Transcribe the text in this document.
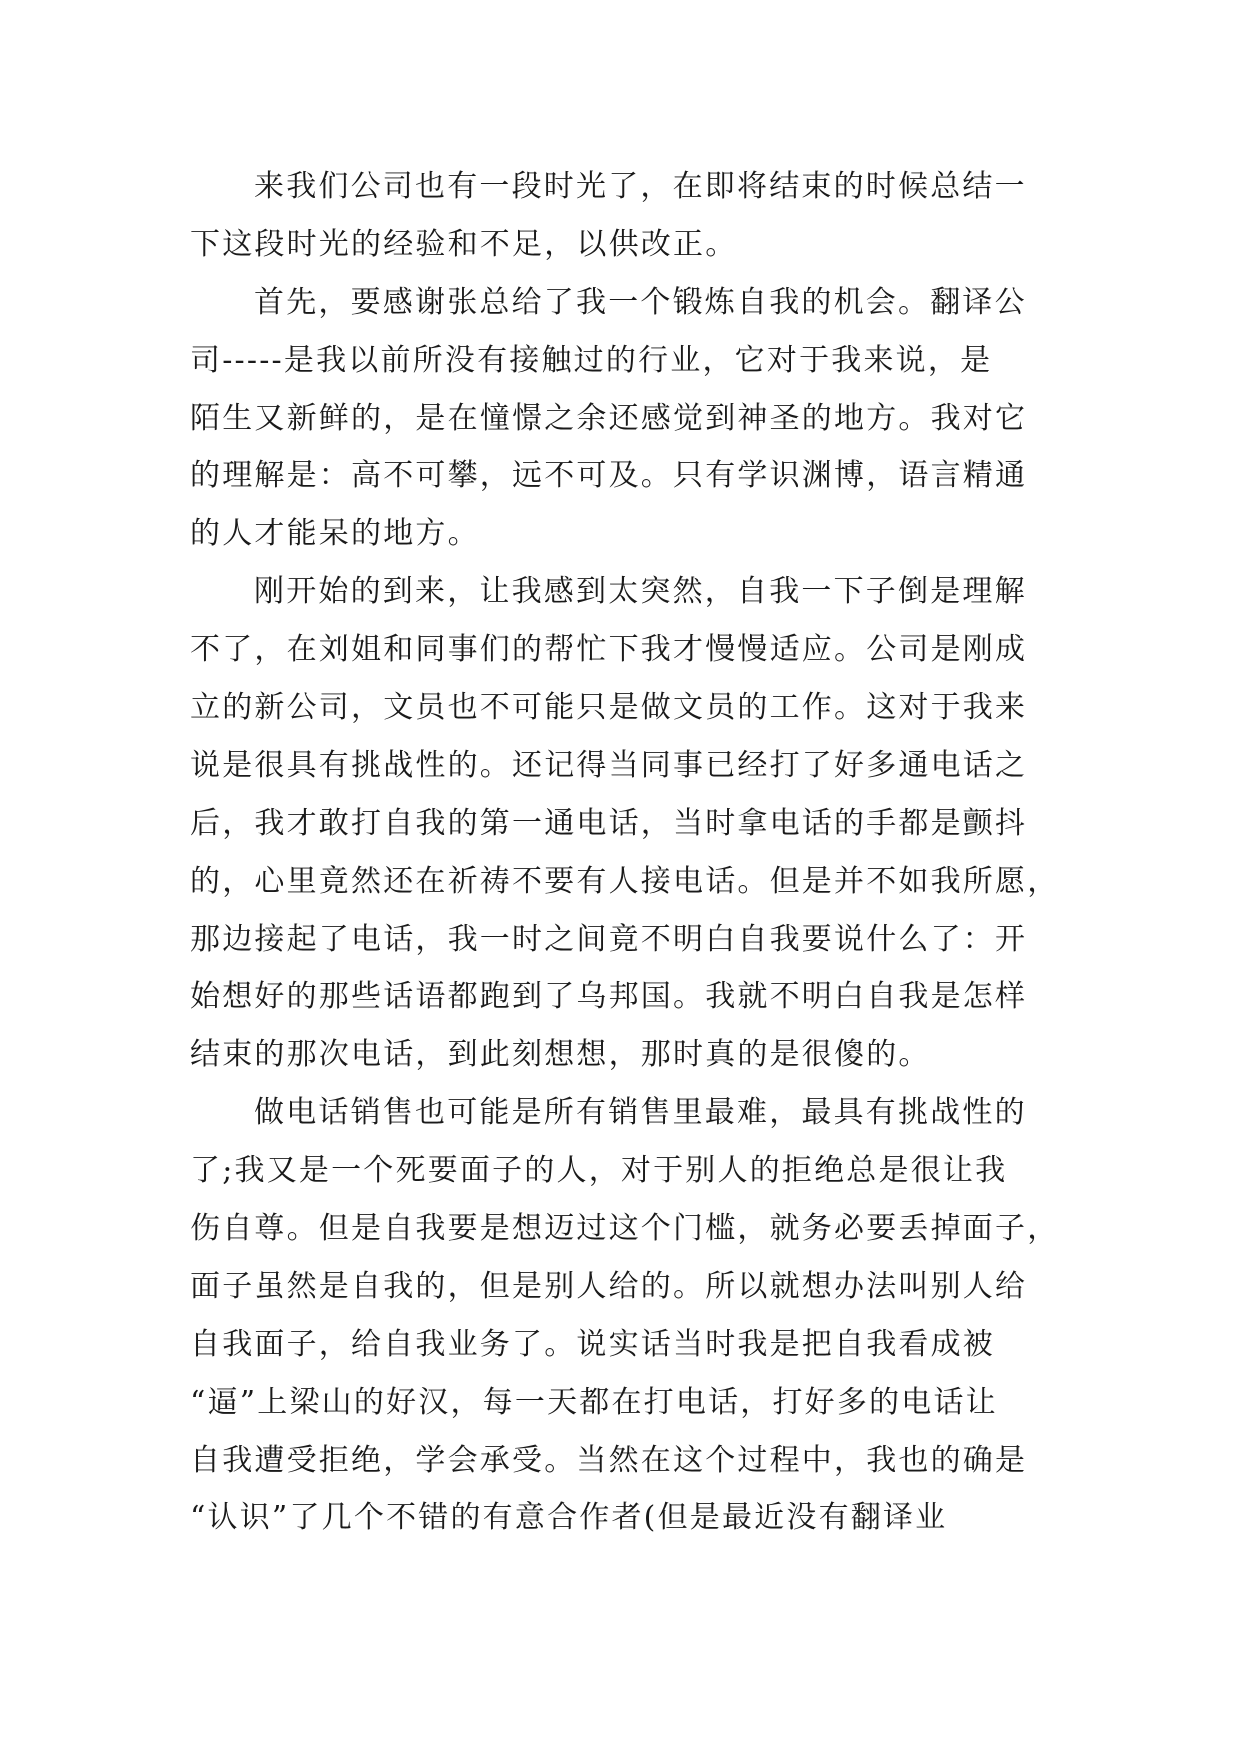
来我们公司也有一段时光了，在即将结束的时候总结一
下这段时光的经验和不足，以供改正。
首先，要感谢张总给了我一个锻炼自我的机会。翻译公
司-----是我以前所没有接触过的行业，它对于我来说，是
陌生又新鲜的，是在憧憬之余还感觉到神圣的地方。我对它
的理解是：高不可攀，远不可及。只有学识渊博，语言精通
的人才能呆的地方。
刚开始的到来，让我感到太突然，自我一下子倒是理解
不了，在刘姐和同事们的帮忙下我才慢慢适应。公司是刚成
立的新公司，文员也不可能只是做文员的工作。这对于我来
说是很具有挑战性的。还记得当同事已经打了好多通电话之
后，我才敢打自我的第一通电话，当时拿电话的手都是颤抖
的，心里竟然还在祈祷不要有人接电话。但是并不如我所愿，
那边接起了电话，我一时之间竟不明白自我要说什么了：开
始想好的那些话语都跑到了乌邦国。我就不明白自我是怎样
结束的那次电话，到此刻想想，那时真的是很傻的。
做电话销售也可能是所有销售里最难，最具有挑战性的
了;我又是一个死要面子的人，对于别人的拒绝总是很让我
伤自尊。但是自我要是想迈过这个门槛，就务必要丢掉面子，
面子虽然是自我的，但是别人给的。所以就想办法叫别人给
自我面子，给自我业务了。说实话当时我是把自我看成被
“逼”上梁山的好汉，每一天都在打电话，打好多的电话让
自我遭受拒绝，学会承受。当然在这个过程中，我也的确是
“认识”了几个不错的有意合作者(但是最近没有翻译业
